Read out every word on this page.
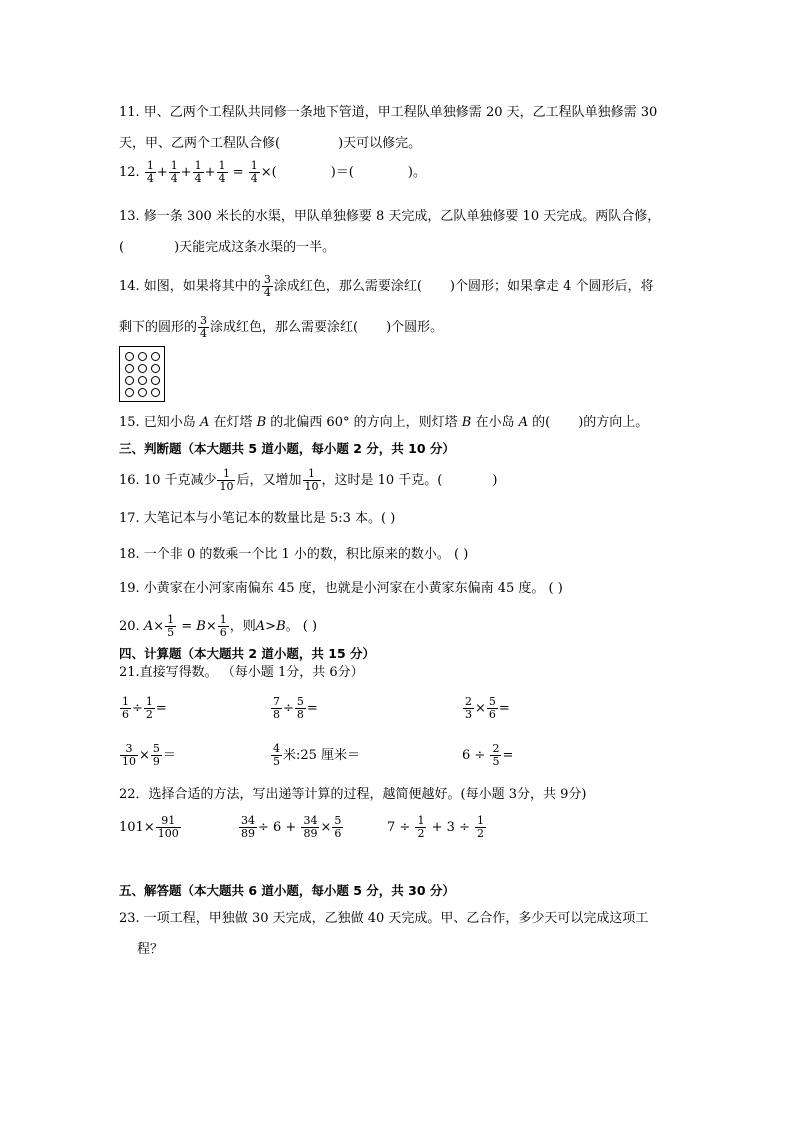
11. 甲、乙两个工程队共同修一条地下管道，甲工程队单独修需 20 天，乙工程队单独修需 30
天，甲、乙两个工程队合修(	)天可以修完。
12. $\frac{1}{4} + \frac{1}{4} + \frac{1}{4} + \frac{1}{4} = \frac{1}{4}$ ×(	)＝(	)。
13. 修一条 300 米长的水渠，甲队单独修要 8 天完成，乙队单独修要 10 天完成。两队合修，
(	)天能完成这条水渠的一半。
14. 如图，如果将其中的 $\frac{3}{4}$ 涂成红色，那么需要涂红( )个圆形；如果拿走 4 个圆形后，将
剩下的圆形的 $\frac{3}{4}$ 涂成红色，那么需要涂红( )个圆形。
15. 已知小岛 A 在灯塔 B 的北偏西 60° 的方向上，则灯塔 B 在小岛 A 的( )的方向上。
三、判断题（本大题共 5 道小题，每小题 2 分，共 10 分）
16. 10 千克减少 $\frac{1}{10}$ 后，又增加 $\frac{1}{10}$ ，这时是 10 千克。(	)
17. 大笔记本与小笔记本的数量比是 5:3 本。( )
18. 一个非 0 的数乘一个比 1 小的数，积比原来的数小。 ( )
19. 小黄家在小河家南偏东 45 度，也就是小河家在小黄家东偏南 45 度。 ( )
20. $A\times \frac{1}{5} = B\times \frac{1}{6}$ ，则A>B。 ( )
四、计算题（本大题共 2 道小题，共 15 分）
21.直接写得数。 （每小题 1分，共 6分）
$\frac{1}{6} \div \frac{1}{2}$ =	$\frac{7}{8} \div \frac{5}{8}$ =	$\frac{2}{3} \times \frac{5}{6}$ =
$\frac{3}{10} \times \frac{5}{9}$ ＝	$\frac{4}{5}$ 米:25 厘米＝	$6 \div \frac{2}{5}$ =
22．选择合适的方法，写出递等计算的过程，越简便越好。(每小题 3分，共 9分)
$101\times \frac{91}{100}$	$\frac{34}{89} \div 6 + \frac{34}{89} \times \frac{5}{6}$	$7 \div \frac{1}{2} + 3 \div \frac{1}{2}$
五、解答题（本大题共 6 道小题，每小题 5 分，共 30 分）
23. 一项工程，甲独做 30 天完成，乙独做 40 天完成。甲、乙合作，多少天可以完成这项工
程？
